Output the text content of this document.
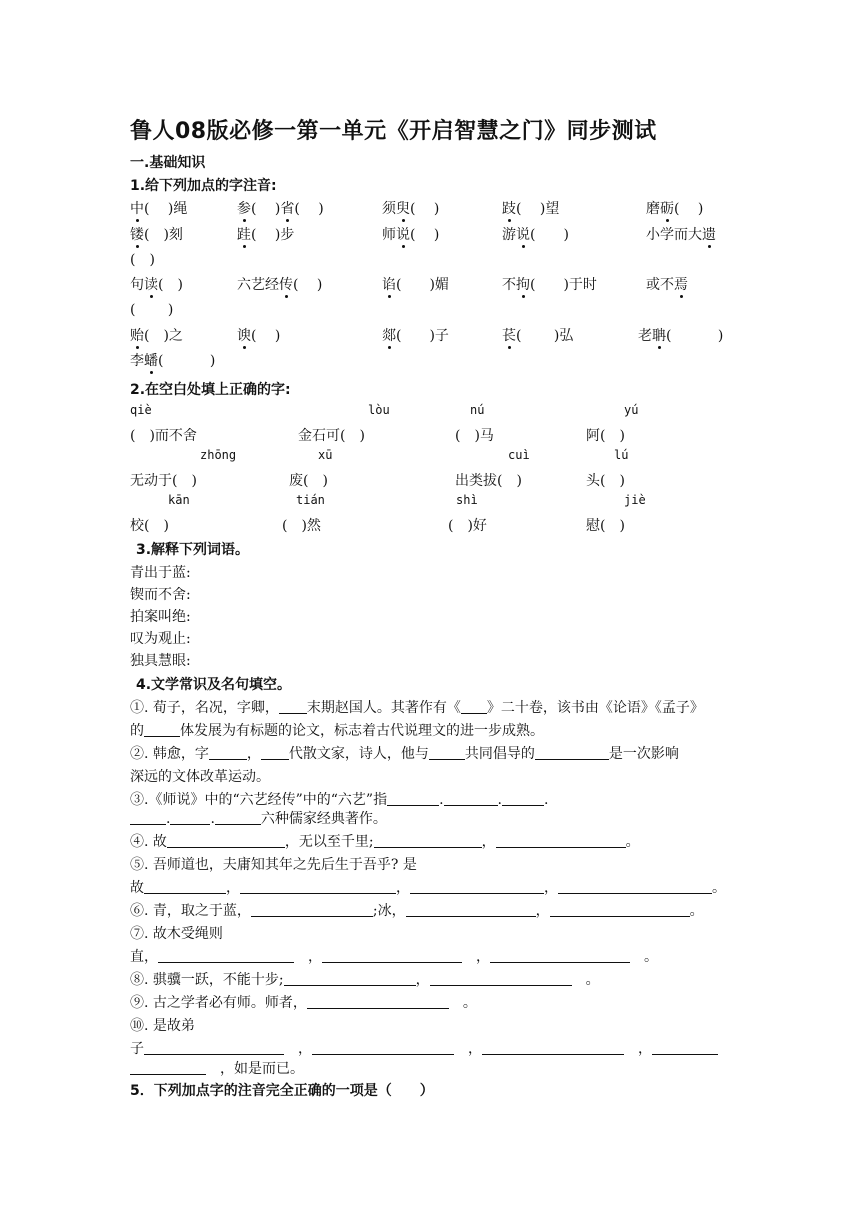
鲁人08版必修一第一单元《开启智慧之门》同步测试
一.基础知识
1.给下列加点的字注音:
中(　 )绳	参(　 )省(　 )	须臾(　 )	跂(　 )望	磨砺(　 )
镂(　)刻	跬(　 )步	师说(　 )	游说(　　)	小学而大遗
(　)
句读(　)	六艺经传(　 )	谄(　　)媚	不拘(　　)于时	或不焉
(　　 )
贻(　)之	谀(　 )	郯(　　)子	苌(　　 )弘	老聃(　　　 )
李蟠(　　　 )
2.在空白处填上正确的字:
qiè	lòu	nú	yú
(　)而不舍	金石可(　)	(　)马	阿(　)
zhōng	xū	cuì	lú
无动于(　)	废(　)	出类拔(　)	头(　)
kān	tián	shì	jiè
校(　)	(　)然	(　)好	慰(　)
3.解释下列词语。
青出于蓝:
锲而不舍:
拍案叫绝:
叹为观止:
独具慧眼:
4.文学常识及名句填空。
①. 荀子，名况，字卿， 末期赵国人。其著作有《 》二十卷，该书由《论语》《孟子》
的	体发展为有标题的论文，标志着古代说理文的进一步成熟。
②. 韩愈，字	， 代散文家，诗人，他与	共同倡导的	是一次影响
深远的文体改革运动。
③.《师说》中的“六艺经传”中的“六艺”指	.	.	.
.	.	六种儒家经典著作。
④. 故	，无以至千里;	，	。
⑤. 吾师道也，夫庸知其年之先后生于吾乎? 是
故	，	，	，	。
⑥. 青，取之于蓝，	;冰，	，	。
⑦. 故木受绳则
直，　	，　	，　	。
⑧. 骐骥一跃，不能十步;	，　	。
⑨. 古之学者必有师。师者，　	。
⑩. 是故弟
子　	，　	，　	，
　，如是而已。
5．下列加点字的注音完全正确的一项是（　　）
